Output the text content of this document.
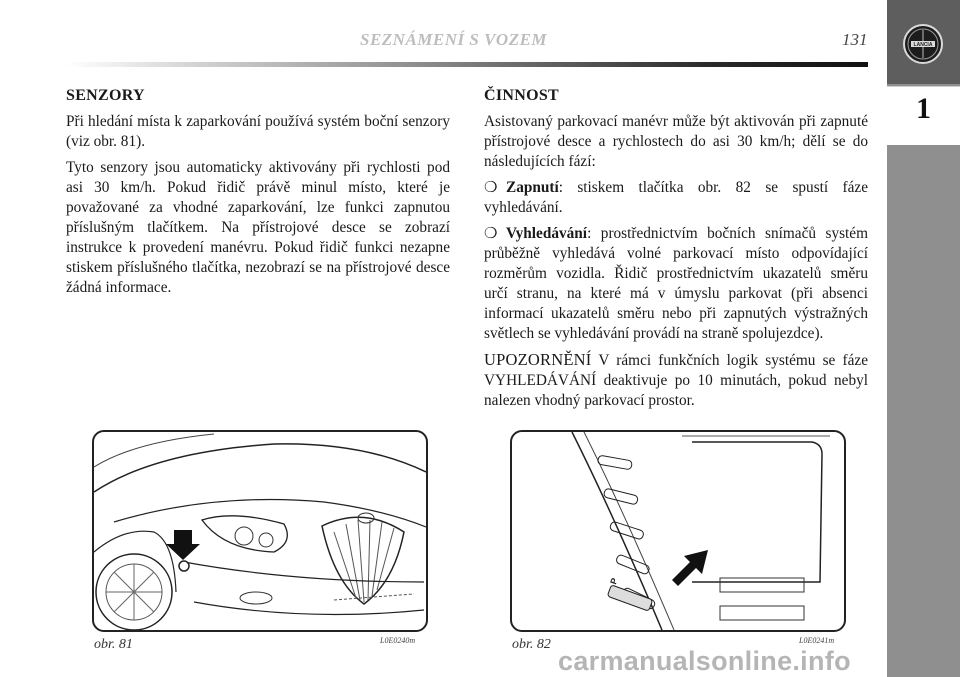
SEZNÁMENÍ S VOZEM	131	LANCIA
1
SENZORY

Při hledání místa k zaparkování používá systém boční senzory (viz obr. 81).

Tyto senzory jsou automaticky aktivovány při rychlosti pod asi 30 km/h. Pokud řidič právě minul místo, které je považované za vhodné zaparkování, lze funkci zapnutou příslušným tlačítkem. Na přístrojové desce se zobrazí instrukce k provedení manévru. Pokud řidič funkci nezapne stiskem příslušného tlačítka, nezobrazí se na přístrojové desce žádná informace.

ČINNOST

Asistovaný parkovací manévr může být aktivován při zapnuté přístrojové desce a rychlostech do asi 30 km/h; dělí se do následujících fází:

❍ Zapnutí: stiskem tlačítka obr. 82 se spustí fáze vyhledávání.

❍ Vyhledávání: prostřednictvím bočních snímačů systém průběžně vyhledává volné parkovací místo odpovídající rozměrům vozidla. Řidič prostřednictvím ukazatelů směru určí stranu, na které má v úmyslu parkovat (při absenci informací ukazatelů směru nebo při zapnutých výstražných světlech se vyhledávání provádí na straně spolujezdce).

UPOZORNĚNÍ V rámci funkčních logik systému se fáze VYHLEDÁVÁNÍ deaktivuje po 10 minutách, pokud nebyl nalezen vhodný parkovací prostor.

obr. 81	L0E0240m
P
obr. 82	L0E0241m
carmanualsonline.info
